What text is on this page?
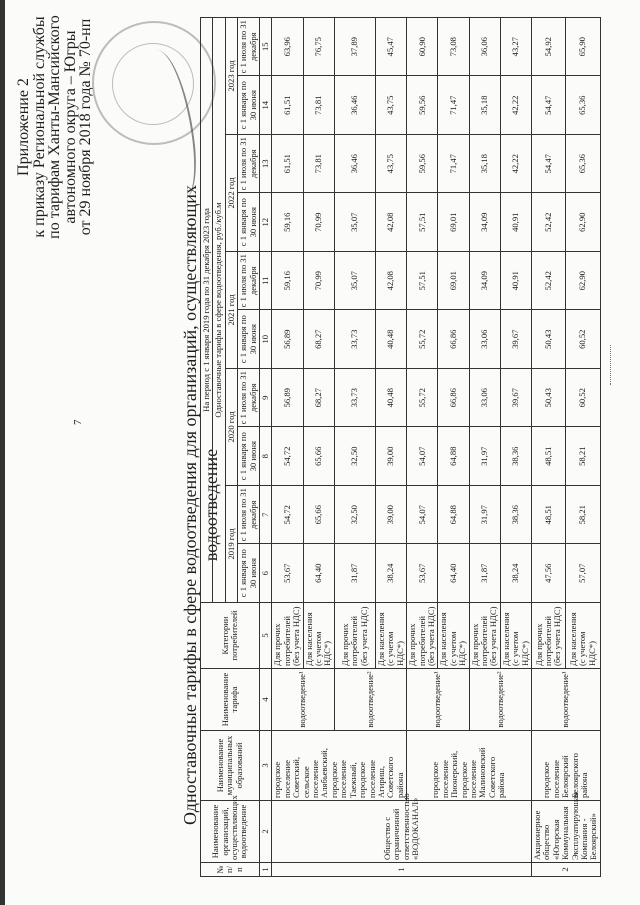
7
Приложение 2
к приказу Региональной службы
по тарифам Ханты-Мансийского
автономного округа – Югры
от 29 ноября 2018 года № 70-нп
Одноставочные тарифы в сфере водоотведения для организаций, осуществляющих водоотведение
№ п/п	Наименование организаций, осуществляющих водоотведение	Наименование муниципальных образований	Наименование тарифа	Категории потребителей	На период с 1 января 2019 года по 31 декабря 2023 года									
					Одноставочные тарифы в сфере водоотведения, руб./куб.м									
					2019 год		2020 год		2021 год		2022 год		2023 год	
					с 1 января по 30 июня	с 1 июля по 31 декабря	с 1 января по 30 июня	с 1 июля по 31 декабря	с 1 января по 30 июня	с 1 июля по 31 декабря	с 1 января по 30 июня	с 1 июля по 31 декабря	с 1 января по 30 июня	с 1 июля по 31 декабря
1	2	3	4	5	6	7	8	9	10	11	12	13	14	15
1	Общество с ограниченной ответственностью «ВОДОКАНАЛ»	городское поселение Советский, сельское поселение Алябьевский, городское поселение Таежный, городское поселение Агириш, Советского района	водоотведение¹	Для прочих потребителей (без учета НДС)	53,67	54,72	54,72	56,89	56,89	59,16	59,16	61,51	61,51	63,96
				Для населения (с учетом НДС*)	64,40	65,66	65,66	68,27	68,27	70,99	70,99	73,81	73,81	76,75
			водоотведение²	Для прочих потребителей (без учета НДС)	31,87	32,50	32,50	33,73	33,73	35,07	35,07	36,46	36,46	37,89
				Для населения (с учетом НДС*)	38,24	39,00	39,00	40,48	40,48	42,08	42,08	43,75	43,75	45,47
		городское поселение Пионерский, городское поселение Малиновский Советского района	водоотведение¹	Для прочих потребителей (без учета НДС)	53,67	54,07	54,07	55,72	55,72	57,51	57,51	59,56	59,56	60,90
				Для населения (с учетом НДС*)	64,40	64,88	64,88	66,86	66,86	69,01	69,01	71,47	71,47	73,08
			водоотведение²	Для прочих потребителей (без учета НДС)	31,87	31,97	31,97	33,06	33,06	34,09	34,09	35,18	35,18	36,06
				Для населения (с учетом НДС*)	38,24	38,36	38,36	39,67	39,67	40,91	40,91	42,22	42,22	43,27
2	Акционерное общество «Югорская Коммунальная Эксплуатирующая Компания - Белоярский»	городское поселение Белоярский Белоярского района	водоотведение¹	Для прочих потребителей (без учета НДС)	47,56	48,51	48,51	50,43	50,43	52,42	52,42	54,47	54,47	54,92
				Для населения (с учетом НДС*)	57,07	58,21	58,21	60,52	60,52	62,90	62,90	65,36	65,36	65,90
